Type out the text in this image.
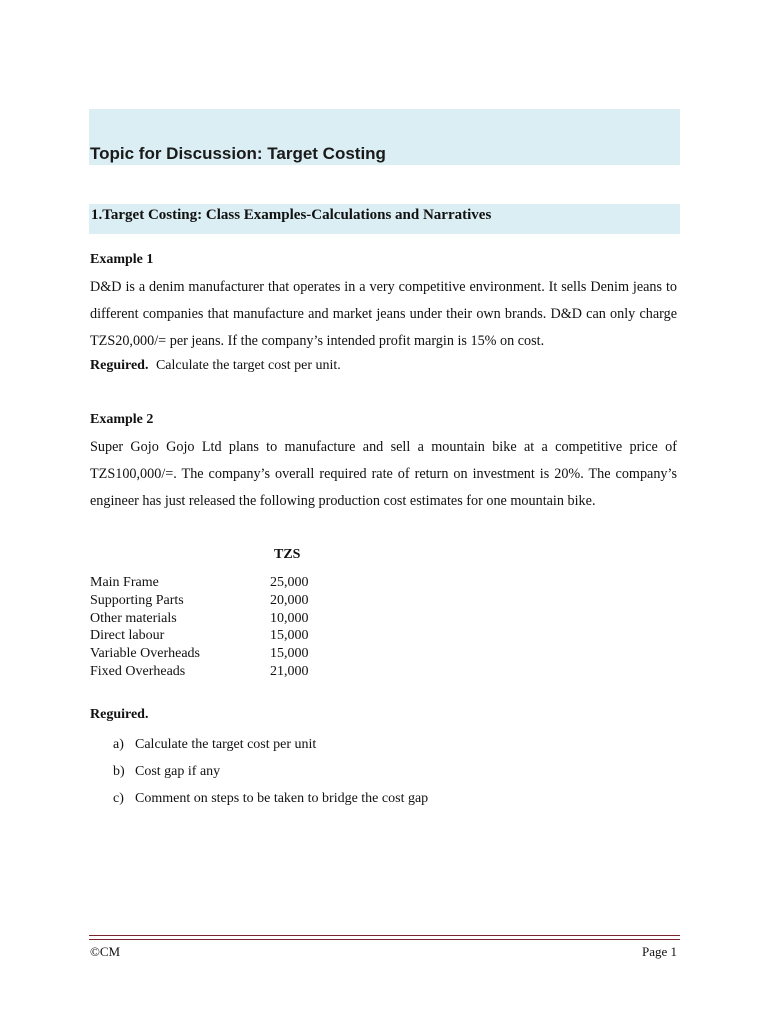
Topic for Discussion: Target Costing
1.Target Costing: Class Examples-Calculations and Narratives
Example 1

D&D is a denim manufacturer that operates in a very competitive environment. It sells Denim jeans to different companies that manufacture and market jeans under their own brands. D&D can only charge TZS20,000/= per jeans. If the company’s intended profit margin is 15% on cost.

Reguired. Calculate the target cost per unit.
Example 2

Super Gojo Gojo Ltd plans to manufacture and sell a mountain bike at a competitive price of TZS100,000/=. The company’s overall required rate of return on investment is 20%. The company’s engineer has just released the following production cost estimates for one mountain bike.

TZS
Main Frame	25,000
Supporting Parts	20,000
Other materials	10,000
Direct labour	15,000
Variable Overheads	15,000
Fixed Overheads	21,000
Reguired.
a) Calculate the target cost per unit
b) Cost gap if any
c) Comment on steps to be taken to bridge the cost gap
©CM	Page 1
